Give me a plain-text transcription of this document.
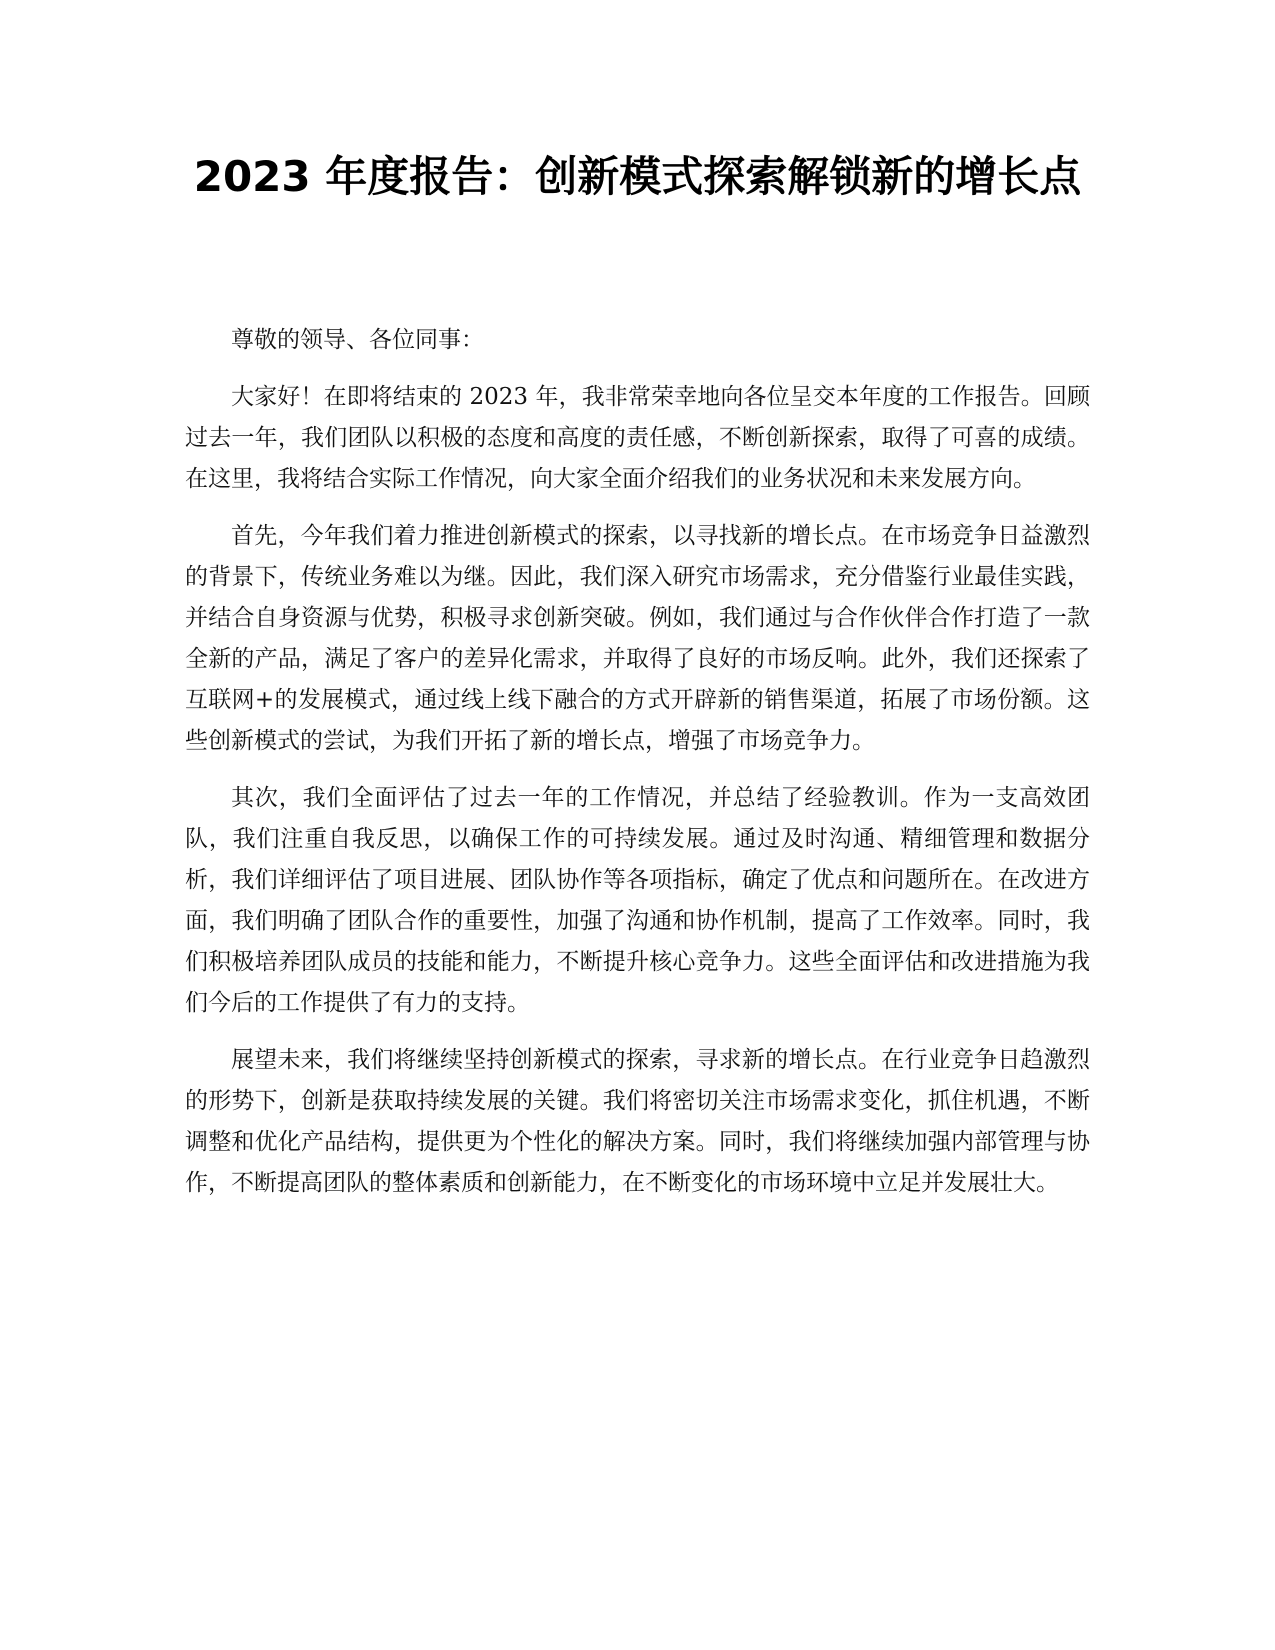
2023 年度报告：创新模式探索解锁新的增长点

尊敬的领导、各位同事：

大家好！在即将结束的 2023 年，我非常荣幸地向各位呈交本年度的工作报告。回顾过去一年，我们团队以积极的态度和高度的责任感，不断创新探索，取得了可喜的成绩。在这里，我将结合实际工作情况，向大家全面介绍我们的业务状况和未来发展方向。

首先，今年我们着力推进创新模式的探索，以寻找新的增长点。在市场竞争日益激烈的背景下，传统业务难以为继。因此，我们深入研究市场需求，充分借鉴行业最佳实践，并结合自身资源与优势，积极寻求创新突破。例如，我们通过与合作伙伴合作打造了一款全新的产品，满足了客户的差异化需求，并取得了良好的市场反响。此外，我们还探索了互联网+的发展模式，通过线上线下融合的方式开辟新的销售渠道，拓展了市场份额。这些创新模式的尝试，为我们开拓了新的增长点，增强了市场竞争力。

其次，我们全面评估了过去一年的工作情况，并总结了经验教训。作为一支高效团队，我们注重自我反思，以确保工作的可持续发展。通过及时沟通、精细管理和数据分析，我们详细评估了项目进展、团队协作等各项指标，确定了优点和问题所在。在改进方面，我们明确了团队合作的重要性，加强了沟通和协作机制，提高了工作效率。同时，我们积极培养团队成员的技能和能力，不断提升核心竞争力。这些全面评估和改进措施为我们今后的工作提供了有力的支持。

展望未来，我们将继续坚持创新模式的探索，寻求新的增长点。在行业竞争日趋激烈的形势下，创新是获取持续发展的关键。我们将密切关注市场需求变化，抓住机遇，不断调整和优化产品结构，提供更为个性化的解决方案。同时，我们将继续加强内部管理与协作，不断提高团队的整体素质和创新能力，在不断变化的市场环境中立足并发展壮大。
